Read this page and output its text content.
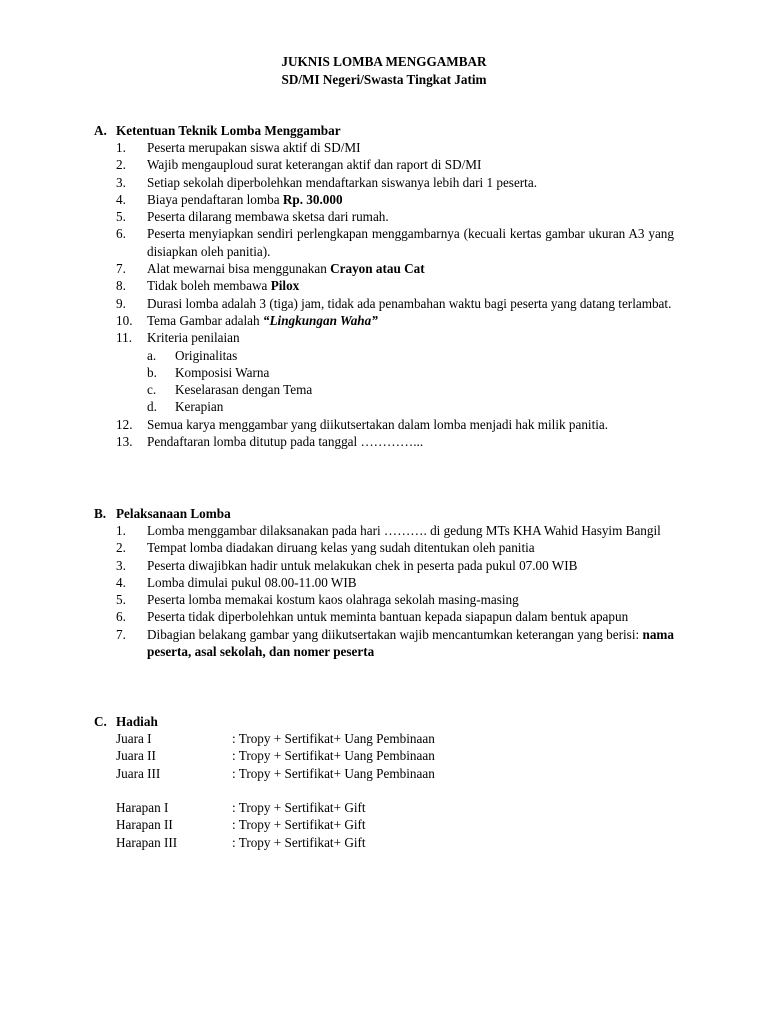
JUKNIS LOMBA MENGGAMBAR
SD/MI Negeri/Swasta Tingkat Jatim
A. Ketentuan Teknik Lomba Menggambar
1.	Peserta merupakan siswa aktif di SD/MI
2.	Wajib mengauploud surat keterangan aktif dan raport di SD/MI
3.	Setiap sekolah diperbolehkan mendaftarkan siswanya lebih dari 1 peserta.
4.	Biaya pendaftaran lomba Rp. 30.000
5.	Peserta dilarang membawa sketsa dari rumah.
6.	Peserta menyiapkan sendiri perlengkapan menggambarnya (kecuali kertas gambar ukuran A3 yang disiapkan oleh panitia).
7.	Alat mewarnai bisa menggunakan Crayon atau Cat
8.	Tidak boleh membawa Pilox
9.	Durasi lomba adalah 3 (tiga) jam, tidak ada penambahan waktu bagi peserta yang datang terlambat.
10.	Tema Gambar adalah “Lingkungan Waha”
11.	Kriteria penilaian
a.	Originalitas
b.	Komposisi Warna
c.	Keselarasan dengan Tema
d.	Kerapian
12.	Semua karya menggambar yang diikutsertakan dalam lomba menjadi hak milik panitia.
13.	Pendaftaran lomba ditutup pada tanggal …………...
B. Pelaksanaan Lomba
1.	Lomba menggambar dilaksanakan pada hari ………. di gedung MTs KHA Wahid Hasyim Bangil
2.	Tempat lomba diadakan diruang kelas yang sudah ditentukan oleh panitia
3.	Peserta diwajibkan hadir untuk melakukan chek in peserta pada pukul 07.00 WIB
4.	Lomba dimulai pukul 08.00-11.00 WIB
5.	Peserta lomba memakai kostum kaos olahraga sekolah masing-masing
6.	Peserta tidak diperbolehkan untuk meminta bantuan kepada siapapun dalam bentuk apapun
7.	Dibagian belakang gambar yang diikutsertakan wajib mencantumkan keterangan yang berisi: nama peserta, asal sekolah, dan nomer peserta
C. Hadiah
Juara I	: Tropy + Sertifikat+ Uang Pembinaan
Juara II	: Tropy + Sertifikat+ Uang Pembinaan
Juara III	: Tropy + Sertifikat+ Uang Pembinaan
Harapan I	: Tropy + Sertifikat+ Gift
Harapan II	: Tropy + Sertifikat+ Gift
Harapan III	: Tropy + Sertifikat+ Gift
